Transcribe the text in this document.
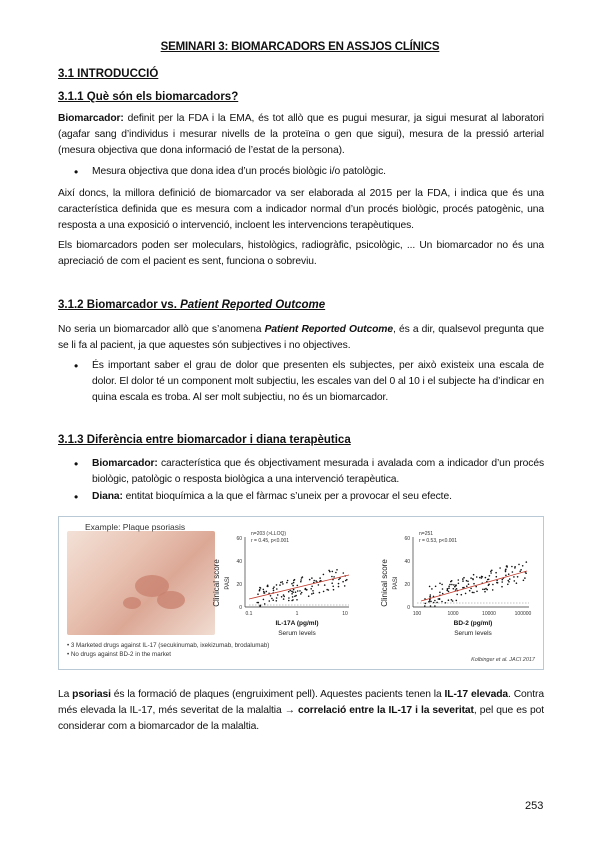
SEMINARI 3: BIOMARCADORS EN ASSJOS CLÍNICS
3.1 INTRODUCCIÓ
3.1.1 Què són els biomarcadors?
Biomarcador: definit per la FDA i la EMA, és tot allò que es pugui mesurar, ja sigui mesurat al laboratori (agafar sang d’individus i mesurar nivells de la proteïna o gen que sigui), mesura de la pressió arterial (mesura objectiva que dona informació de l’estat de la persona).
• Mesura objectiva que dona idea d’un procés biològic i/o patològic.
Així doncs, la millora definició de biomarcador va ser elaborada al 2015 per la FDA, i indica que és una característica definida que es mesura com a indicador normal d’un procés biològic, procés patogènic, una resposta a una exposició o intervenció, incloent les intervencions terapèutiques.
Els biomarcadors poden ser moleculars, histològics, radiogràfic, psicològic, ... Un biomarcador no és una apreciació de com el pacient es sent, funciona o sobreviu.
3.1.2 Biomarcador vs. Patient Reported Outcome
No seria un biomarcador allò que s’anomena Patient Reported Outcome, és a dir, qualsevol pregunta que se li fa al pacient, ja que aquestes són subjectives i no objectives.
• És important saber el grau de dolor que presenten els subjectes, per això existeix una escala de dolor. El dolor té un component molt subjectiu, les escales van del 0 al 10 i el subjecte ha d’indicar en quina escala es troba. Al ser molt subjectiu, no és un biomarcador.
3.1.3 Diferència entre biomarcador i diana terapèutica
• Biomarcador: característica que és objectivament mesurada i avalada com a indicador d’un procés biològic, patològic o resposta biològica a una intervenció terapèutica.
• Diana: entitat bioquímica a la que el fàrmac s’uneix per a provocar el seu efecte.
Example: Plaque psoriasis
Clinical score PASI
60
40
20
0
0.1	1	10
n=203 (>LLOQ)
r = 0.45, p<0.001
IL-17A (pg/ml)
Serum levels
Clinical score PASI
60
40
20
0
100	1000	10000	100000
n=251
r = 0.53, p<0.001
BD-2 (pg/ml)
Serum levels
• 3 Marketed drugs against IL-17 (secukinumab, ixekizumab, brodalumab)
• No drugs against BD-2 in the market
Kolbinger et al. JACI 2017
La psoriasi és la formació de plaques (engruiximent pell). Aquestes pacients tenen la IL-17 elevada. Contra més elevada la IL-17, més severitat de la malaltia → correlació entre la IL-17 i la severitat, pel que es pot considerar com a biomarcador de la malaltia.
253
